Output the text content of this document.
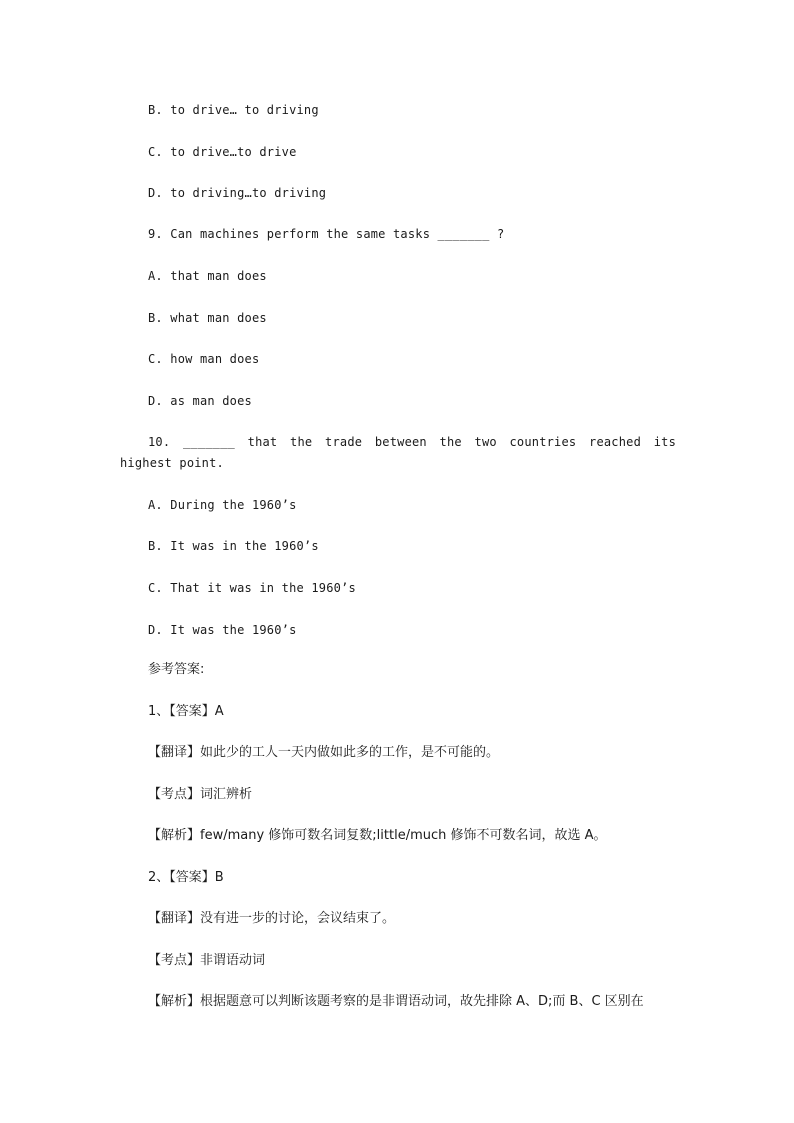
B. to drive… to driving
C. to drive…to drive
D. to driving…to driving
9. Can machines perform the same tasks _______ ?
A. that man does
B. what man does
C. how man does
D. as man does
10. _______ that the trade between the two countries reached its highest point.
A. During the 1960’s
B. It was in the 1960’s
C. That it was in the 1960’s
D. It was the 1960’s
参考答案:
1、【答案】A
【翻译】如此少的工人一天内做如此多的工作，是不可能的。
【考点】词汇辨析
【解析】few/many 修饰可数名词复数;little/much 修饰不可数名词，故选 A。
2、【答案】B
【翻译】没有进一步的讨论，会议结束了。
【考点】非谓语动词
【解析】根据题意可以判断该题考察的是非谓语动词，故先排除 A、D;而 B、C 区别在
